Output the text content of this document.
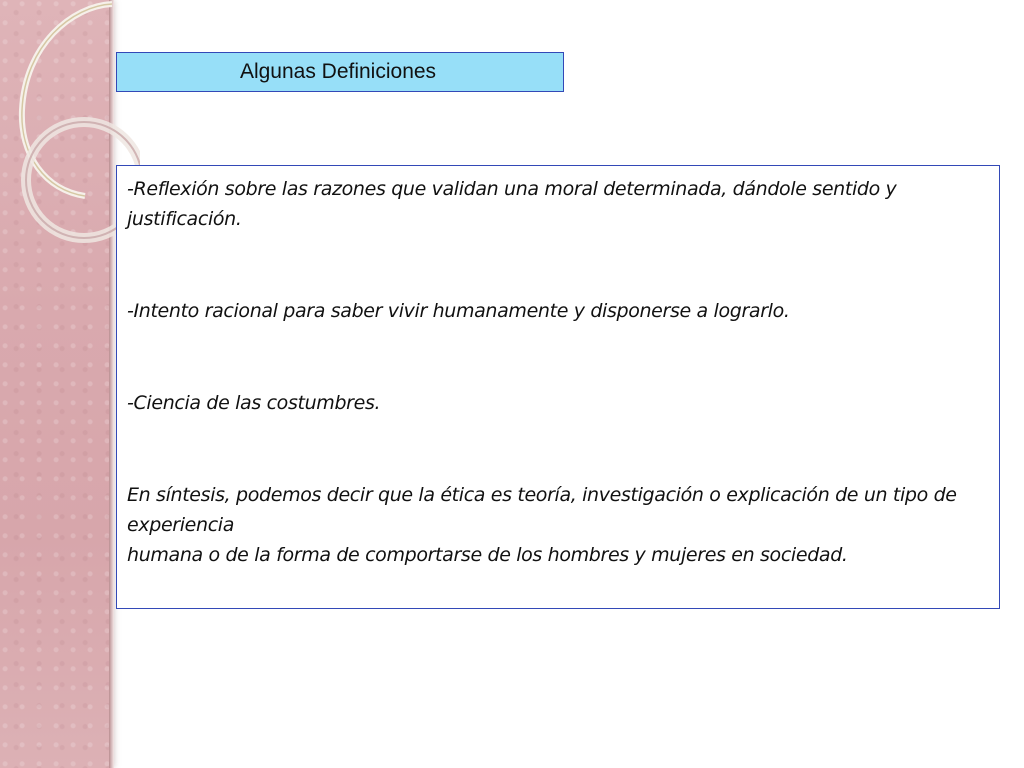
Algunas Definiciones

-Reflexión sobre las razones que validan una moral determinada, dándole sentido y
justificación.

-Intento racional para saber vivir humanamente y disponerse a lograrlo.

-Ciencia de las costumbres.

En síntesis, podemos decir que la ética es teoría, investigación o explicación de un tipo de
experiencia
humana o de la forma de comportarse de los hombres y mujeres en sociedad.
